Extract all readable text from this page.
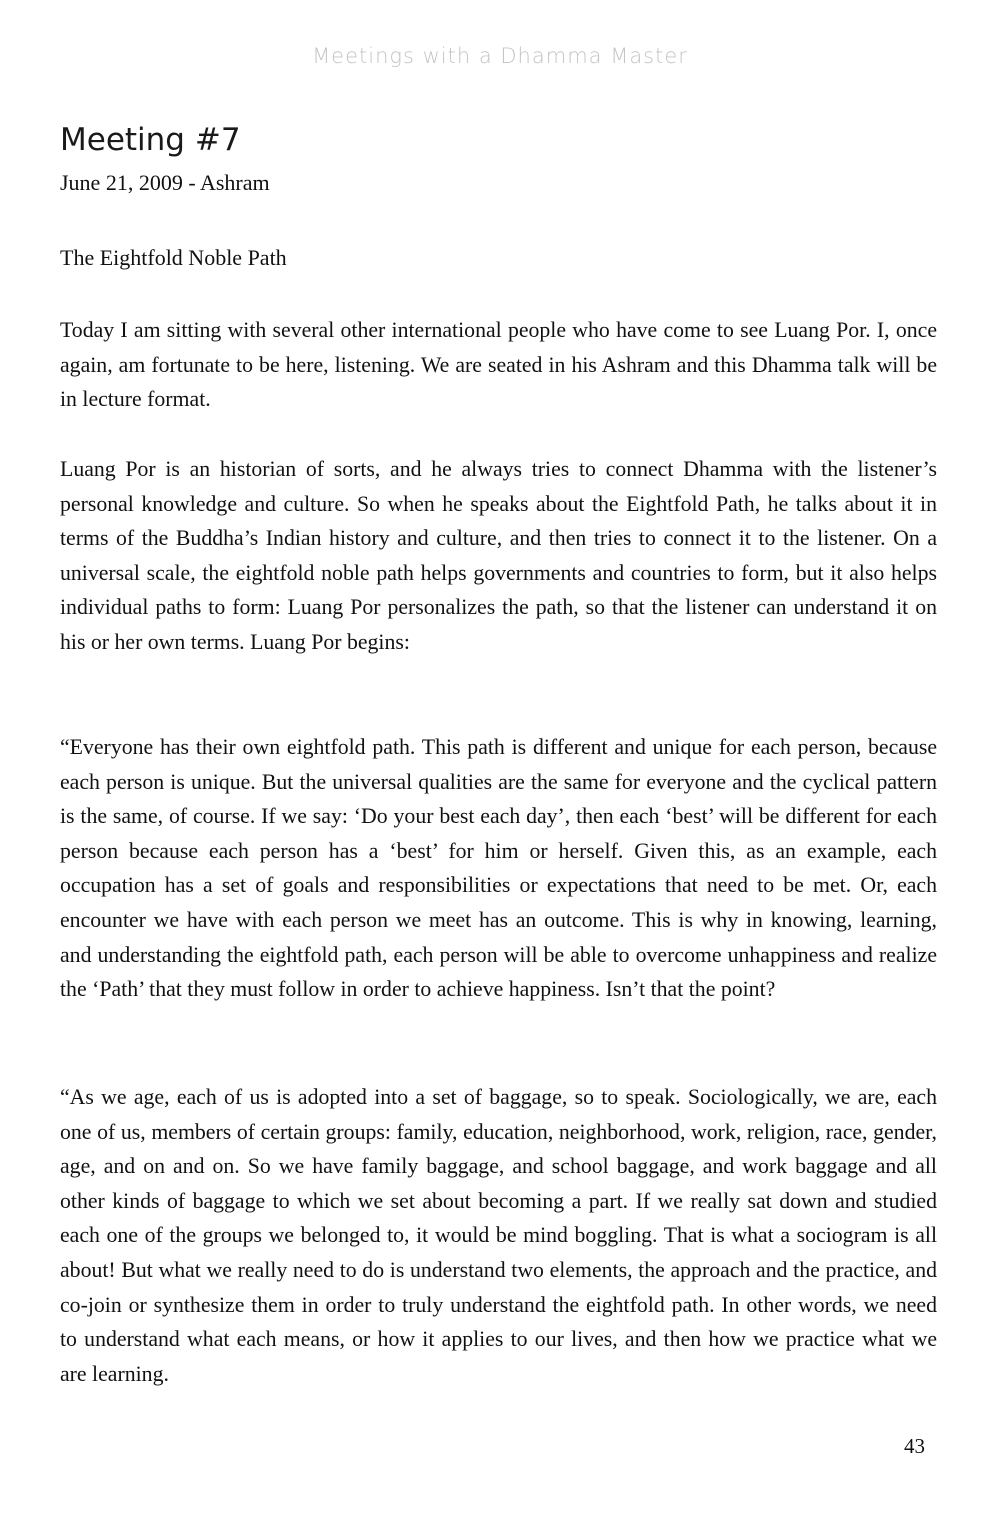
Meetings with a Dhamma Master
Meeting #7
June 21, 2009 - Ashram
The Eightfold Noble Path

Today I am sitting with several other international people who have come to see Luang Por. I, once again, am fortunate to be here, listening. We are seated in his Ashram and this Dhamma talk will be in lecture format.

Luang Por is an historian of sorts, and he always tries to connect Dhamma with the listener’s personal knowledge and culture. So when he speaks about the Eightfold Path, he talks about it in terms of the Buddha’s Indian history and culture, and then tries to connect it to the listener. On a universal scale, the eightfold noble path helps governments and countries to form, but it also helps individual paths to form: Luang Por personalizes the path, so that the listener can understand it on his or her own terms. Luang Por begins:

“Everyone has their own eightfold path. This path is different and unique for each person, because each person is unique. But the universal qualities are the same for everyone and the cyclical pattern is the same, of course. If we say: ‘Do your best each day’, then each ‘best’ will be different for each person because each person has a ‘best’ for him or herself. Given this, as an example, each occupation has a set of goals and responsibilities or expectations that need to be met. Or, each encounter we have with each person we meet has an outcome. This is why in knowing, learning, and understanding the eightfold path, each person will be able to overcome unhappiness and realize the ‘Path’ that they must follow in order to achieve happiness. Isn’t that the point?

“As we age, each of us is adopted into a set of baggage, so to speak. Sociologically, we are, each one of us, members of certain groups: family, education, neighborhood, work, religion, race, gender, age, and on and on. So we have family baggage, and school baggage, and work baggage and all other kinds of baggage to which we set about becoming a part. If we really sat down and studied each one of the groups we belonged to, it would be mind boggling. That is what a sociogram is all about! But what we really need to do is understand two elements, the approach and the practice, and co-join or synthesize them in order to truly understand the eightfold path. In other words, we need to understand what each means, or how it applies to our lives, and then how we practice what we are learning.

43
